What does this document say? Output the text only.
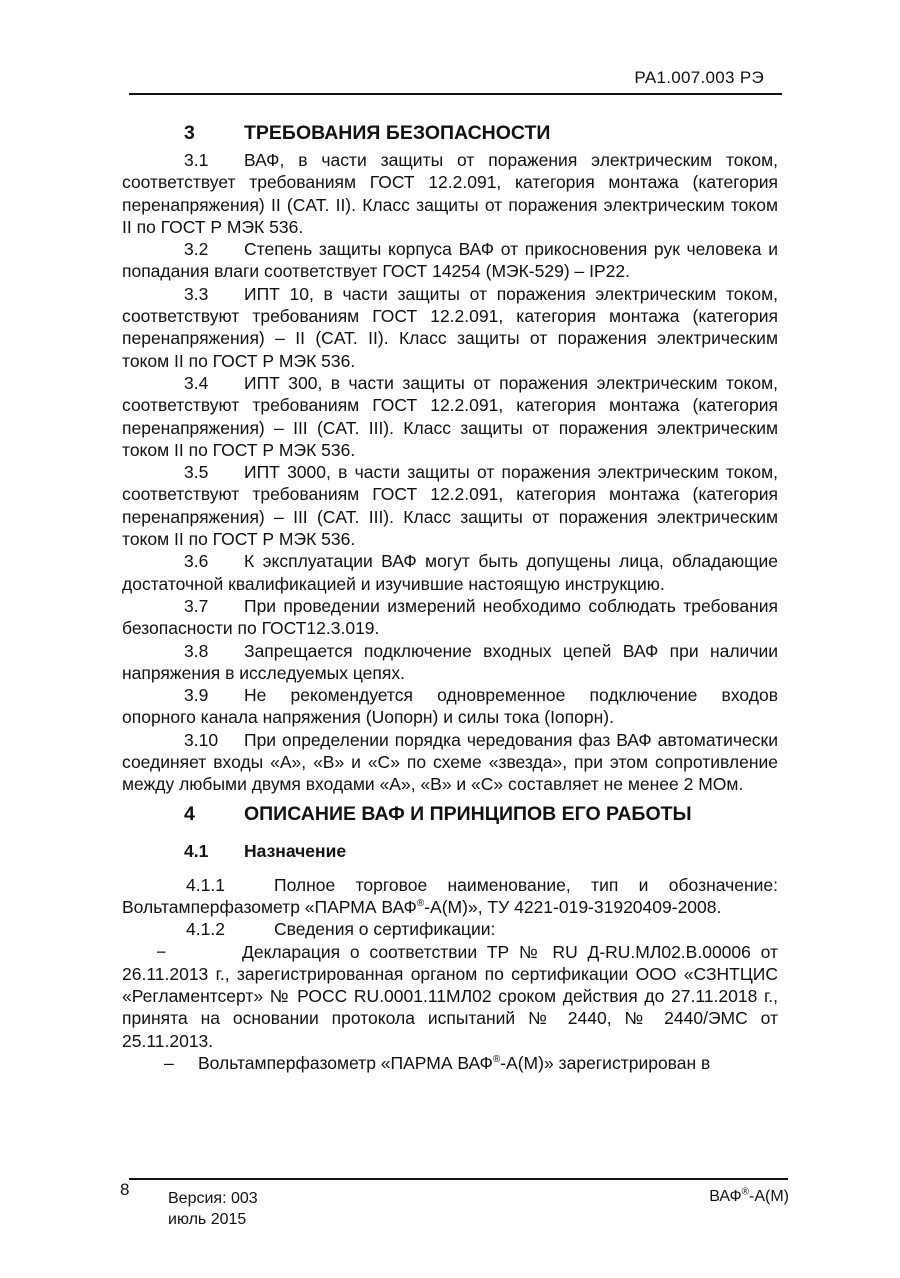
РА1.007.003 РЭ
3	ТРЕБОВАНИЯ БЕЗОПАСНОСТИ
3.1 ВАФ, в части защиты от поражения электрическим током, соответствует требованиям ГОСТ 12.2.091, категория монтажа (категория перенапряжения) II (CAT. II). Класс защиты от поражения электрическим током II по ГОСТ Р МЭК 536.
3.2 Степень защиты корпуса ВАФ от прикосновения рук человека и попадания влаги соответствует ГОСТ 14254 (МЭК-529) – IP22.
3.3 ИПТ 10, в части защиты от поражения электрическим током, соответствуют требованиям ГОСТ 12.2.091, категория монтажа (категория перенапряжения) – II (CAT. II). Класс защиты от поражения электрическим током II по ГОСТ Р МЭК 536.
3.4 ИПТ 300, в части защиты от поражения электрическим током, соответствуют требованиям ГОСТ 12.2.091, категория монтажа (категория перенапряжения) – III (CAT. III). Класс защиты от поражения электрическим током II по ГОСТ Р МЭК 536.
3.5 ИПТ 3000, в части защиты от поражения электрическим током, соответствуют требованиям ГОСТ 12.2.091, категория монтажа (категория перенапряжения) – III (CAT. III). Класс защиты от поражения электрическим током II по ГОСТ Р МЭК 536.
3.6 К эксплуатации ВАФ могут быть допущены лица, обладающие достаточной квалификацией и изучившие настоящую инструкцию.
3.7 При проведении измерений необходимо соблюдать требования безопасности по ГОСТ12.3.019.
3.8 Запрещается подключение входных цепей ВАФ при наличии напряжения в исследуемых цепях.
3.9 Не рекомендуется одновременное подключение входов опорного канала напряжения (Uопорн) и силы тока (Iопорн).
3.10 При определении порядка чередования фаз ВАФ автоматически соединяет входы «А», «В» и «С» по схеме «звезда», при этом сопротивление между любыми двумя входами «А», «В» и «С» составляет не менее 2 МОм.
4	ОПИСАНИЕ ВАФ И ПРИНЦИПОВ ЕГО РАБОТЫ
4.1	Назначение
4.1.1	Полное торговое наименование, тип и обозначение: Вольтамперфазометр «ПАРМА ВАФ®-А(М)», ТУ 4221-019-31920409-2008.
4.1.2	Сведения о сертификации:
−	Декларация о соответствии ТР № RU Д-RU.МЛ02.В.00006 от 26.11.2013 г., зарегистрированная органом по сертификации ООО «СЗНТЦИС «Регламентсерт» № РОСС RU.0001.11МЛ02 сроком действия до 27.11.2018 г., принята на основании протокола испытаний № 2440, № 2440/ЭМС от 25.11.2013.
– Вольтамперфазометр «ПАРМА ВАФ®-А(М)» зарегистрирован в
8 Версия: 003
июль 2015
ВАФ®-А(М)
